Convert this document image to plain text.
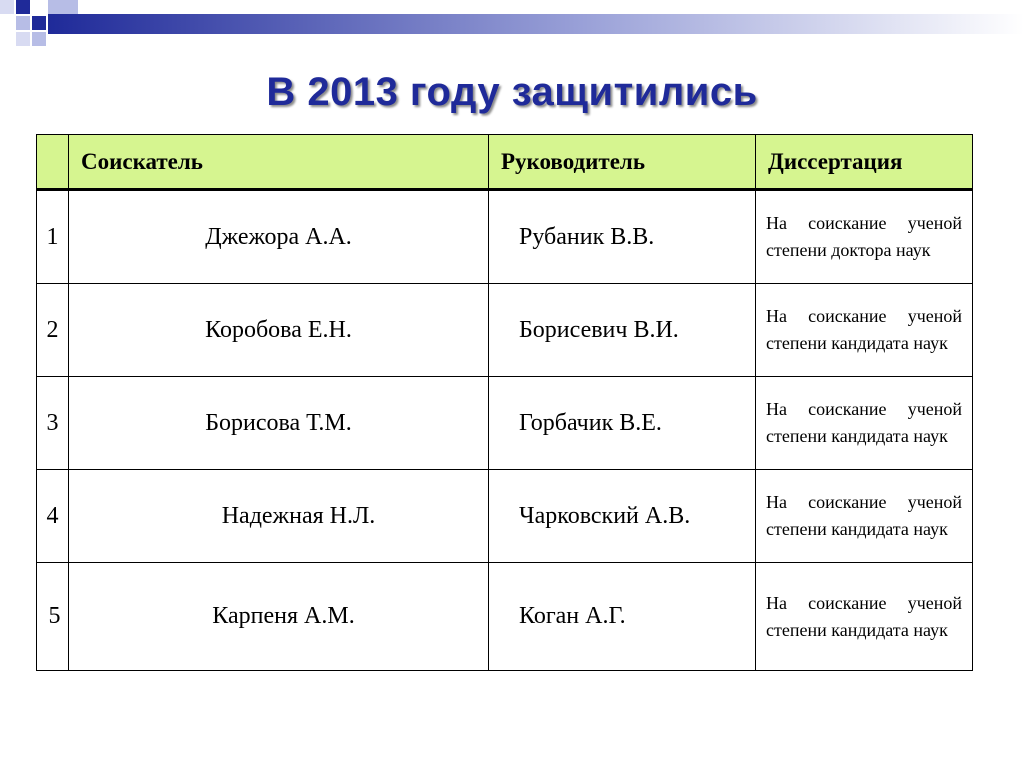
В 2013 году защитились
	Соискатель	Руководитель	Диссертация
1	Джежора А.А.	Рубаник В.В.	На соискание ученой степени доктора наук
2	Коробова Е.Н.	Борисевич В.И.	На соискание ученой степени кандидата наук
3	Борисова Т.М.	Горбачик В.Е.	На соискание ученой степени кандидата наук
4	Надежная Н.Л.	Чарковский А.В.	На соискание ученой степени кандидата наук
5	Карпеня А.М.	Коган А.Г.	На соискание ученой степени кандидата наук
